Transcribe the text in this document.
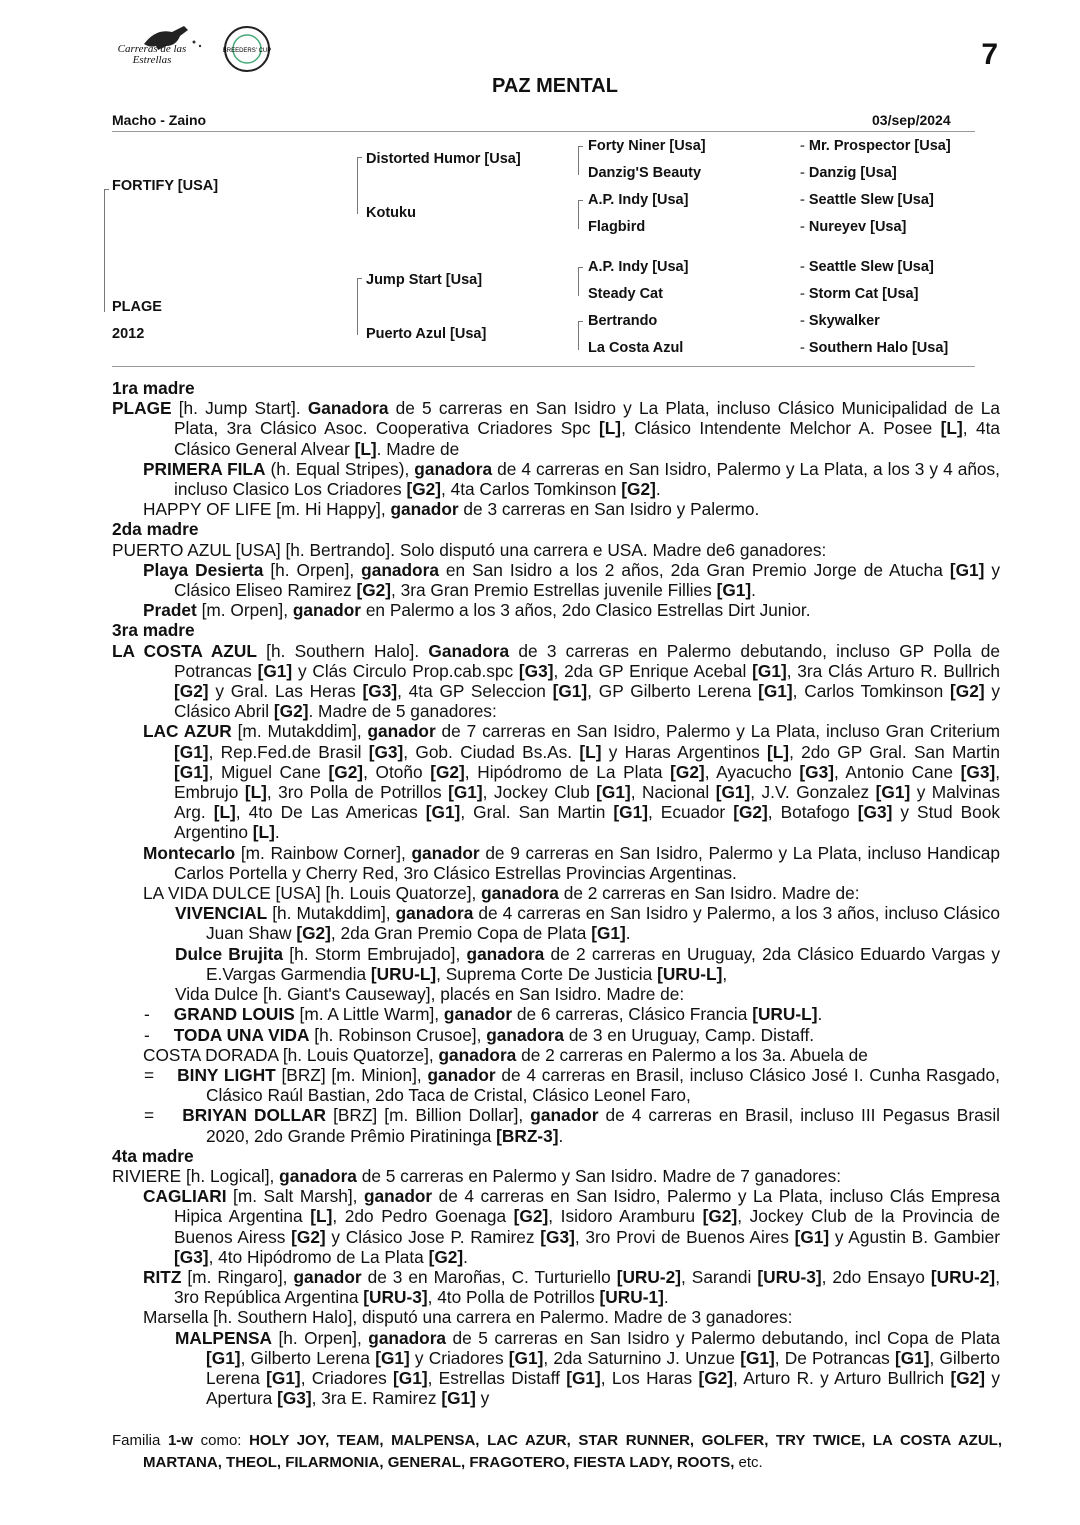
Carreras de las Estrellas
BREEDERS' CUP	7
PAZ MENTAL
Macho - Zaino	03/sep/2024
FORTIFY [USA]
PLAGE
2012
Distorted Humor [Usa]
Kotuku
Jump Start [Usa]
Puerto Azul [Usa]
Forty Niner [Usa]
Danzig'S Beauty
A.P. Indy [Usa]
Flagbird
A.P. Indy [Usa]
Steady Cat
Bertrando
La Costa Azul
- Mr. Prospector [Usa]
- Danzig [Usa]
- Seattle Slew [Usa]
- Nureyev [Usa]
- Seattle Slew [Usa]
- Storm Cat [Usa]
- Skywalker
- Southern Halo [Usa]

1ra madre

PLAGE [h. Jump Start]. Ganadora de 5 carreras en San Isidro y La Plata, incluso Clásico Municipalidad de La Plata, 3ra Clásico Asoc. Cooperativa Criadores Spc [L], Clásico Intendente Melchor A. Posee [L], 4ta Clásico General Alvear [L]. Madre de

PRIMERA FILA (h. Equal Stripes), ganadora de 4 carreras en San Isidro, Palermo y La Plata, a los 3 y 4 años, incluso Clasico Los Criadores [G2], 4ta Carlos Tomkinson [G2].

HAPPY OF LIFE [m. Hi Happy], ganador de 3 carreras en San Isidro y Palermo.

2da madre

PUERTO AZUL [USA] [h. Bertrando]. Solo disputó una carrera e USA. Madre de6 ganadores:

Playa Desierta [h. Orpen], ganadora en San Isidro a los 2 años, 2da Gran Premio Jorge de Atucha [G1] y Clásico Eliseo Ramirez [G2], 3ra Gran Premio Estrellas juvenile Fillies [G1].

Pradet [m. Orpen], ganador en Palermo a los 3 años, 2do Clasico Estrellas Dirt Junior.

3ra madre

LA COSTA AZUL [h. Southern Halo]. Ganadora de 3 carreras en Palermo debutando, incluso GP Polla de Potrancas [G1] y Clás Circulo Prop.cab.spc [G3], 2da GP Enrique Acebal [G1], 3ra Clás Arturo R. Bullrich [G2] y Gral. Las Heras [G3], 4ta GP Seleccion [G1], GP Gilberto Lerena [G1], Carlos Tomkinson [G2] y Clásico Abril [G2]. Madre de 5 ganadores:

LAC AZUR [m. Mutakddim], ganador de 7 carreras en San Isidro, Palermo y La Plata, incluso Gran Criterium [G1], Rep.Fed.de Brasil [G3], Gob. Ciudad Bs.As. [L] y Haras Argentinos [L], 2do GP Gral. San Martin [G1], Miguel Cane [G2], Otoño [G2], Hipódromo de La Plata [G2], Ayacucho [G3], Antonio Cane [G3], Embrujo [L], 3ro Polla de Potrillos [G1], Jockey Club [G1], Nacional [G1], J.V. Gonzalez [G1] y Malvinas Arg. [L], 4to De Las Americas [G1], Gral. San Martin [G1], Ecuador [G2], Botafogo [G3] y Stud Book Argentino [L].

Montecarlo [m. Rainbow Corner], ganador de 9 carreras en San Isidro, Palermo y La Plata, incluso Handicap Carlos Portella y Cherry Red, 3ro Clásico Estrellas Provincias Argentinas.

LA VIDA DULCE [USA] [h. Louis Quatorze], ganadora de 2 carreras en San Isidro. Madre de:

VIVENCIAL [h. Mutakddim], ganadora de 4 carreras en San Isidro y Palermo, a los 3 años, incluso Clásico Juan Shaw [G2], 2da Gran Premio Copa de Plata [G1].

Dulce Brujita [h. Storm Embrujado], ganadora de 2 carreras en Uruguay, 2da Clásico Eduardo Vargas y E.Vargas Garmendia [URU-L], Suprema Corte De Justicia [URU-L],

Vida Dulce [h. Giant's Causeway], placés en San Isidro. Madre de:

-     GRAND LOUIS [m. A Little Warm], ganador de 6 carreras, Clásico Francia [URU-L].

-     TODA UNA VIDA [h. Robinson Crusoe], ganadora de 3 en Uruguay, Camp. Distaff.

COSTA DORADA [h. Louis Quatorze], ganadora de 2 carreras en Palermo a los 3a. Abuela de

=    BINY LIGHT [BRZ] [m. Minion], ganador de 4 carreras en Brasil, incluso Clásico José I. Cunha Rasgado, Clásico Raúl Bastian, 2do Taca de Cristal, Clásico Leonel Faro,

=    BRIYAN DOLLAR [BRZ] [m. Billion Dollar], ganador de 4 carreras en Brasil, incluso III Pegasus Brasil 2020, 2do Grande Prêmio Piratininga [BRZ-3].

4ta madre

RIVIERE [h. Logical], ganadora de 5 carreras en Palermo y San Isidro. Madre de 7 ganadores:

CAGLIARI [m. Salt Marsh], ganador de 4 carreras en San Isidro, Palermo y La Plata, incluso Clás Empresa Hipica Argentina [L], 2do Pedro Goenaga [G2], Isidoro Aramburu [G2], Jockey Club de la Provincia de Buenos Airess [G2] y Clásico Jose P. Ramirez [G3], 3ro Provi de Buenos Aires [G1] y Agustin B. Gambier [G3], 4to Hipódromo de La Plata [G2].

RITZ [m. Ringaro], ganador de 3 en Maroñas, C. Turturiello [URU-2], Sarandi [URU-3], 2do Ensayo [URU-2], 3ro República Argentina [URU-3], 4to Polla de Potrillos [URU-1].

Marsella [h. Southern Halo], disputó una carrera en Palermo. Madre de 3 ganadores:

MALPENSA [h. Orpen], ganadora de 5 carreras en San Isidro y Palermo debutando, incl Copa de Plata [G1], Gilberto Lerena [G1] y Criadores [G1], 2da Saturnino J. Unzue [G1], De Potrancas [G1], Gilberto Lerena [G1], Criadores [G1], Estrellas Distaff [G1], Los Haras [G2], Arturo R. y Arturo Bullrich [G2] y Apertura [G3], 3ra E. Ramirez [G1] y

Familia 1-w como: HOLY JOY, TEAM, MALPENSA, LAC AZUR, STAR RUNNER, GOLFER, TRY TWICE, LA COSTA AZUL, MARTANA, THEOL, FILARMONIA, GENERAL, FRAGOTERO, FIESTA LADY, ROOTS, etc.
